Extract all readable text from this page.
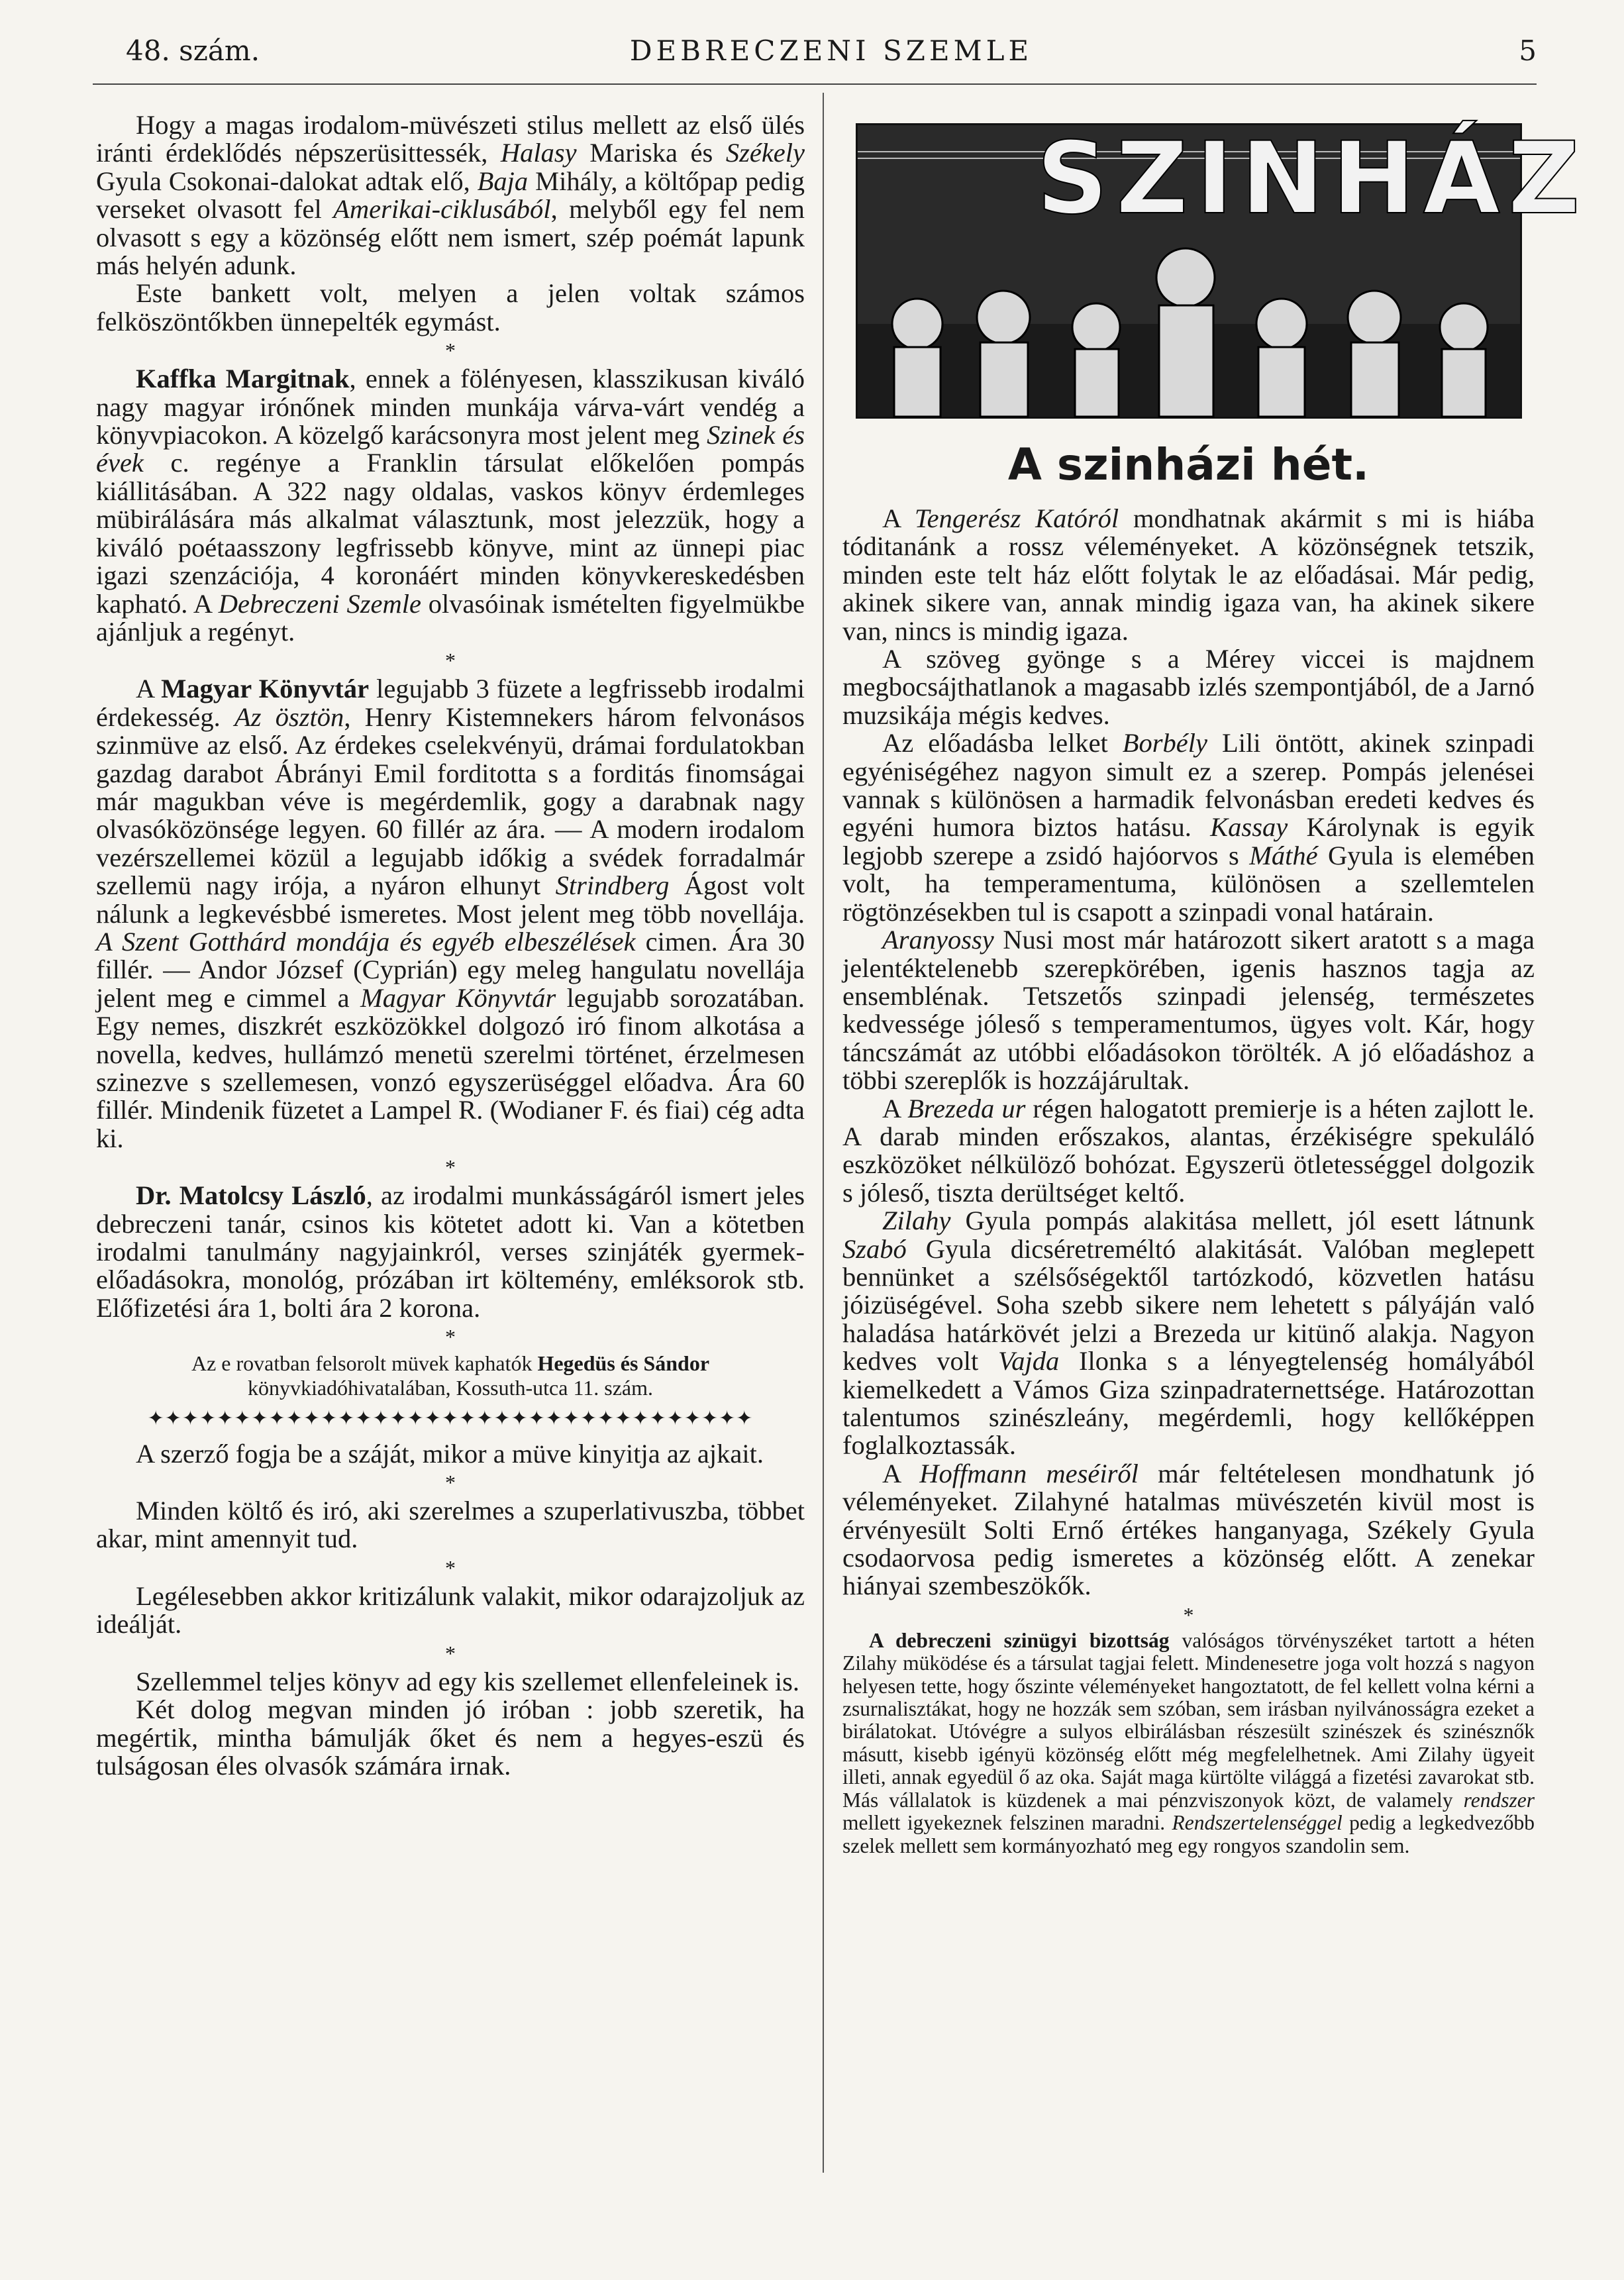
48. szám.	DEBRECZENI SZEMLE	5

Hogy a magas irodalom-müvészeti stilus mellett az első ülés iránti érdeklődés népszerüsittessék, Halasy Mariska és Székely Gyula Csokonai-dalokat adtak elő, Baja Mihály, a költőpap pedig verseket olvasott fel Amerikai-ciklusából, melyből egy fel nem olvasott s egy a közönség előtt nem ismert, szép poémát lapunk más helyén adunk.

Este bankett volt, melyen a jelen voltak számos felköszöntőkben ünnepelték egymást.

*

Kaffka Margitnak, ennek a fölényesen, klasszikusan kiváló nagy magyar irónőnek minden munkája várva-várt vendég a könyvpiacokon. A közelgő karácsonyra most jelent meg Szinek és évek c. regénye a Franklin társulat előkelően pompás kiállitásában. A 322 nagy oldalas, vaskos könyv érdemleges mübirálására más alkalmat választunk, most jelezzük, hogy a kiváló poétaasszony legfrissebb könyve, mint az ünnepi piac igazi szenzációja, 4 koronáért minden könyvkereskedésben kapható. A Debreczeni Szemle olvasóinak ismételten figyelmükbe ajánljuk a regényt.

*

A Magyar Könyvtár legujabb 3 füzete a legfrissebb irodalmi érdekesség. Az ösztön, Henry Kistemnekers három felvonásos szinmüve az első. Az érdekes cselekvényü, drámai fordulatokban gazdag darabot Ábrányi Emil forditotta s a forditás finomságai már magukban véve is megérdemlik, gogy a darabnak nagy olvasóközönsége legyen. 60 fillér az ára. — A modern irodalom vezérszellemei közül a legujabb időkig a svédek forradalmár szellemü nagy irója, a nyáron elhunyt Strindberg Ágost volt nálunk a legkevésbbé ismeretes. Most jelent meg több novellája. A Szent Gotthárd mondája és egyéb elbeszélések cimen. Ára 30 fillér. — Andor József (Cyprián) egy meleg hangulatu novellája jelent meg e cimmel a Magyar Könyvtár legujabb sorozatában. Egy nemes, diszkrét eszközökkel dolgozó iró finom alkotása a novella, kedves, hullámzó menetü szerelmi történet, érzelmesen szinezve s szellemesen, vonzó egyszerüséggel előadva. Ára 60 fillér. Mindenik füzetet a Lampel R. (Wodianer F. és fiai) cég adta ki.

*

Dr. Matolcsy László, az irodalmi munkásságáról ismert jeles debreczeni tanár, csinos kis kötetet adott ki. Van a kötetben irodalmi tanulmány nagyjainkról, verses szinjáték gyermek-előadásokra, monológ, prózában irt költemény, emléksorok stb. Előfizetési ára 1, bolti ára 2 korona.

*

Az e rovatban felsorolt müvek kaphatók Hegedüs és Sándor könyvkiadóhivatalában, Kossuth-utca 11. szám.

✦✦✦✦✦✦✦✦✦✦✦✦✦✦✦✦✦✦✦✦✦✦✦✦✦✦✦✦✦✦✦✦✦✦✦

A szerző fogja be a száját, mikor a müve kinyitja az ajkait.

*

Minden költő és iró, aki szerelmes a szuperlativuszba, többet akar, mint amennyit tud.

*

Legélesebben akkor kritizálunk valakit, mikor odarajzoljuk az ideálját.

*

Szellemmel teljes könyv ad egy kis szellemet ellenfeleinek is.

Két dolog megvan minden jó iróban : jobb szeretik, ha megértik, mintha bámulják őket és nem a hegyes-eszü és tulságosan éles olvasók számára irnak.

SZINHÁZ
A szinházi hét.

A Tengerész Katóról mondhatnak akármit s mi is hiába tóditanánk a rossz véleményeket. A közönségnek tetszik, minden este telt ház előtt folytak le az előadásai. Már pedig, akinek sikere van, annak mindig igaza van, ha akinek sikere van, nincs is mindig igaza.

A szöveg gyönge s a Mérey viccei is majdnem megbocsájthatlanok a magasabb izlés szempontjából, de a Jarnó muzsikája mégis kedves.

Az előadásba lelket Borbély Lili öntött, akinek szinpadi egyéniségéhez nagyon simult ez a szerep. Pompás jelenései vannak s különösen a harmadik felvonásban eredeti kedves és egyéni humora biztos hatásu. Kassay Károlynak is egyik legjobb szerepe a zsidó hajóorvos s Máthé Gyula is elemében volt, ha temperamentuma, különösen a szellemtelen rögtönzésekben tul is csapott a szinpadi vonal határain.

Aranyossy Nusi most már határozott sikert aratott s a maga jelentéktelenebb szerepkörében, igenis hasznos tagja az ensemblénak. Tetszetős szinpadi jelenség, természetes kedvessége jóleső s temperamentumos, ügyes volt. Kár, hogy táncszámát az utóbbi előadásokon törölték. A jó előadáshoz a többi szereplők is hozzájárultak.

A Brezeda ur régen halogatott premierje is a héten zajlott le. A darab minden erőszakos, alantas, érzékiségre spekuláló eszközöket nélkülöző bohózat. Egyszerü ötletességgel dolgozik s jóleső, tiszta derültséget keltő.

Zilahy Gyula pompás alakitása mellett, jól esett látnunk Szabó Gyula dicséretreméltó alakitását. Valóban meglepett bennünket a szélsőségektől tartózkodó, közvetlen hatásu jóizüségével. Soha szebb sikere nem lehetett s pályáján való haladása határkövét jelzi a Brezeda ur kitünő alakja. Nagyon kedves volt Vajda Ilonka s a lényegtelenség homályából kiemelkedett a Vámos Giza szinpadraternettsége. Határozottan talentumos szinészleány, megérdemli, hogy kellőképpen foglalkoztassák.

A Hoffmann meséiről már feltételesen mondhatunk jó véleményeket. Zilahyné hatalmas müvészetén kivül most is érvényesült Solti Ernő értékes hanganyaga, Székely Gyula csodaorvosa pedig ismeretes a közönség előtt. A zenekar hiányai szembeszökők.

*

A debreczeni szinügyi bizottság valóságos törvényszéket tartott a héten Zilahy müködése és a társulat tagjai felett. Mindenesetre joga volt hozzá s nagyon helyesen tette, hogy őszinte véleményeket hangoztatott, de fel kellett volna kérni a zsurnalisztákat, hogy ne hozzák sem szóban, sem irásban nyilvánosságra ezeket a birálatokat. Utóvégre a sulyos elbirálásban részesült szinészek és szinésznők másutt, kisebb igényü közönség előtt még megfelelhetnek. Ami Zilahy ügyeit illeti, annak egyedül ő az oka. Saját maga kürtölte világgá a fizetési zavarokat stb. Más vállalatok is küzdenek a mai pénzviszonyok közt, de valamely rendszer mellett igyekeznek felszinen maradni. Rendszertelenséggel pedig a legkedvezőbb szelek mellett sem kormányozható meg egy rongyos szandolin sem.
